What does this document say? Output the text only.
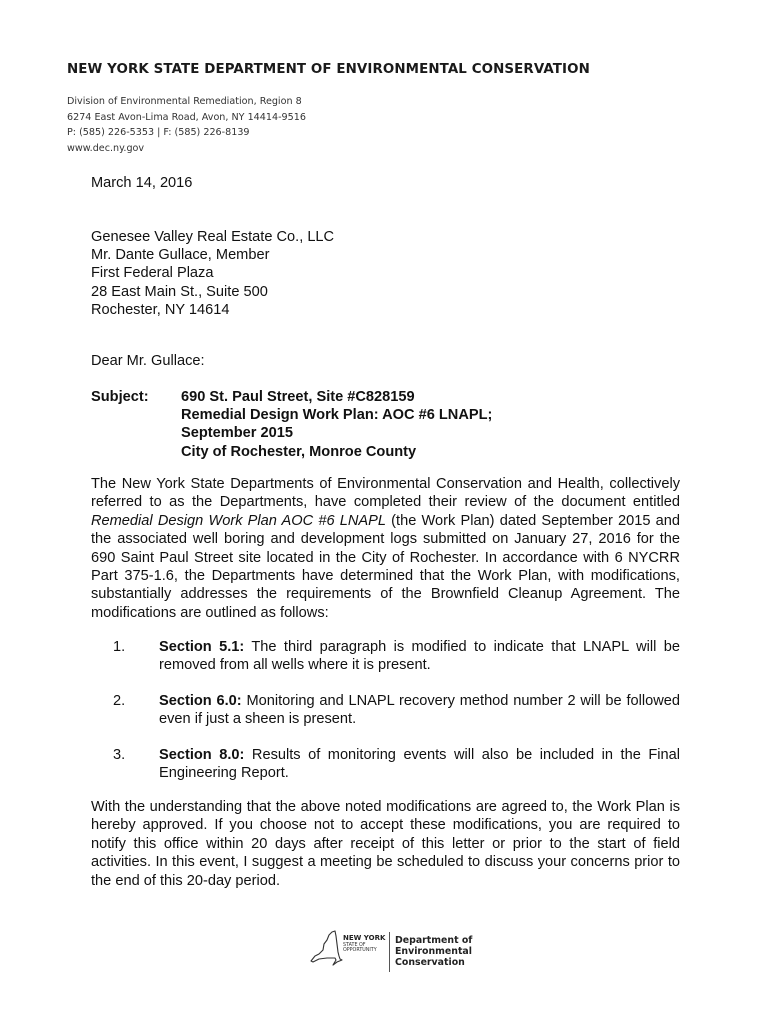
NEW YORK STATE DEPARTMENT OF ENVIRONMENTAL CONSERVATION
Division of Environmental Remediation, Region 8
6274 East Avon-Lima Road, Avon, NY 14414-9516
P: (585) 226-5353 | F: (585) 226-8139
www.dec.ny.gov
March 14, 2016
Genesee Valley Real Estate Co., LLC
Mr. Dante Gullace, Member
First Federal Plaza
28 East Main St., Suite 500
Rochester, NY 14614
Dear Mr. Gullace:
Subject: 690 St. Paul Street, Site #C828159
Remedial Design Work Plan: AOC #6 LNAPL;
September 2015
City of Rochester, Monroe County
The New York State Departments of Environmental Conservation and Health, collectively referred to as the Departments, have completed their review of the document entitled Remedial Design Work Plan AOC #6 LNAPL (the Work Plan) dated September 2015 and the associated well boring and development logs submitted on January 27, 2016 for the 690 Saint Paul Street site located in the City of Rochester. In accordance with 6 NYCRR Part 375-1.6, the Departments have determined that the Work Plan, with modifications, substantially addresses the requirements of the Brownfield Cleanup Agreement. The modifications are outlined as follows:
1. Section 5.1: The third paragraph is modified to indicate that LNAPL will be removed from all wells where it is present.
2. Section 6.0: Monitoring and LNAPL recovery method number 2 will be followed even if just a sheen is present.
3. Section 8.0: Results of monitoring events will also be included in the Final Engineering Report.
With the understanding that the above noted modifications are agreed to, the Work Plan is hereby approved. If you choose not to accept these modifications, you are required to notify this office within 20 days after receipt of this letter or prior to the start of field activities. In this event, I suggest a meeting be scheduled to discuss your concerns prior to the end of this 20-day period.
NEW YORK
STATE OF
OPPORTUNITY
Department of
Environmental
Conservation
